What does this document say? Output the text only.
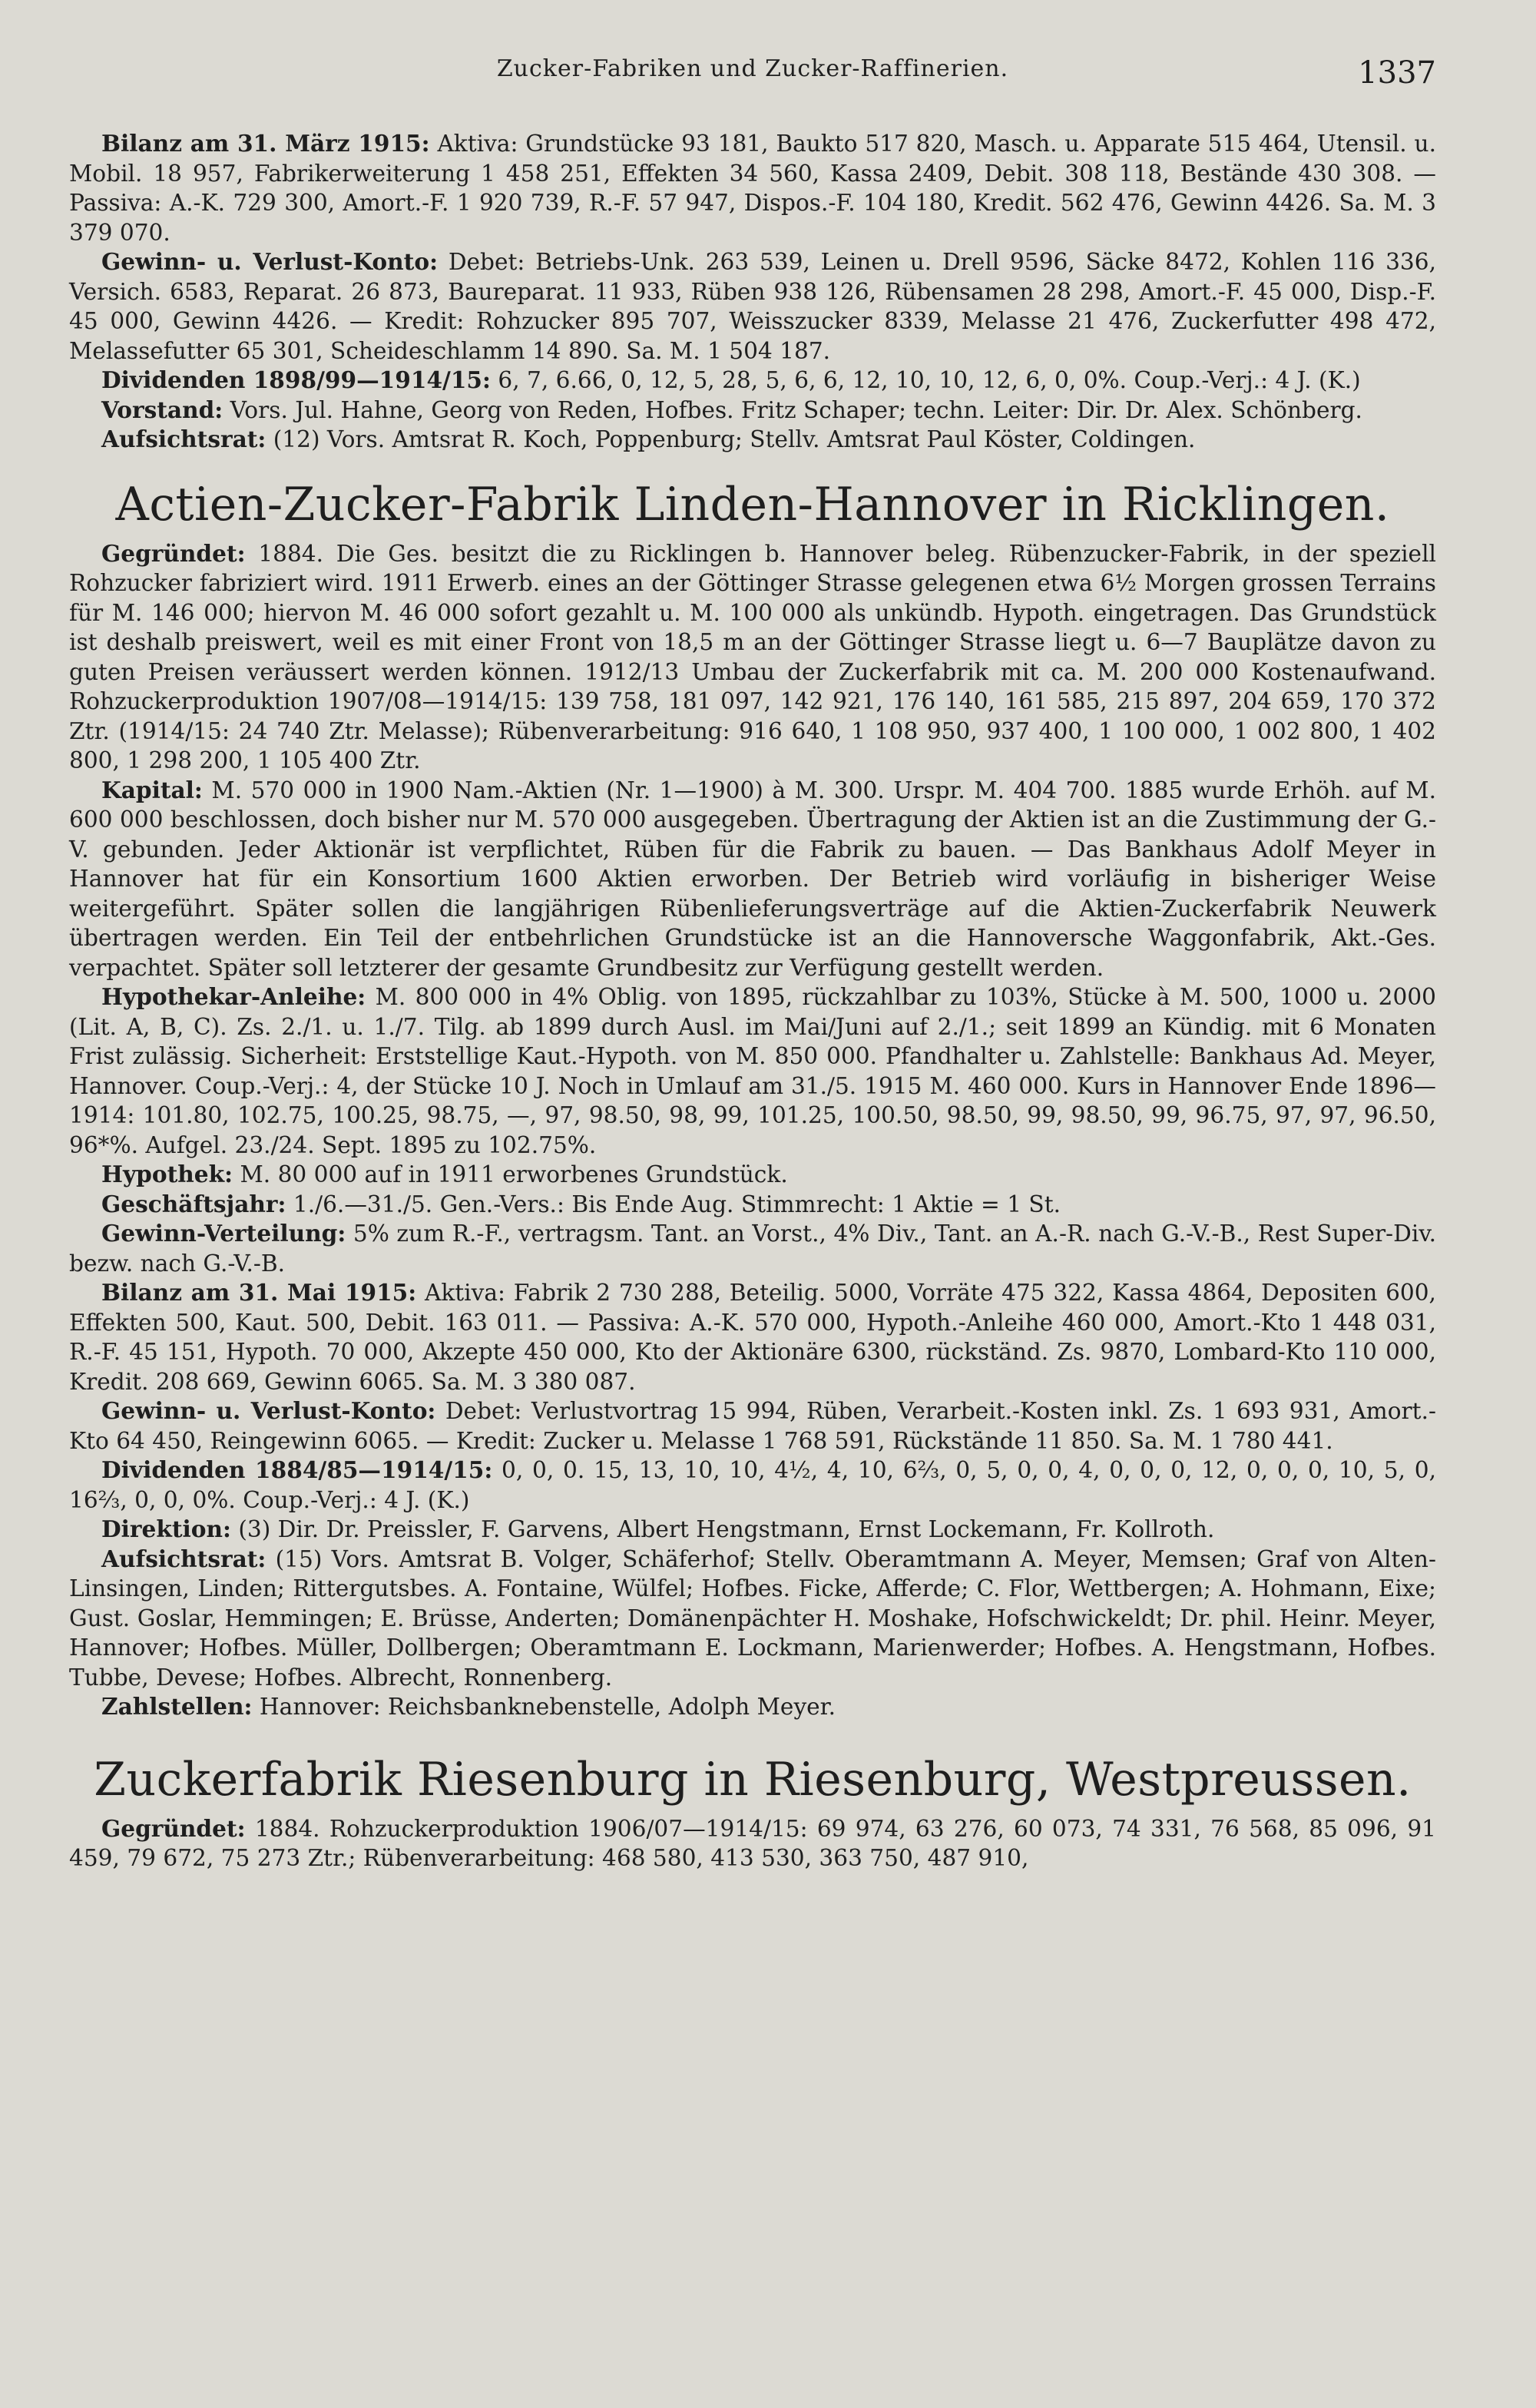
Zucker-Fabriken und Zucker-Raffinerien.	1337

Bilanz am 31. März 1915: Aktiva: Grundstücke 93 181, Baukto 517 820, Masch. u. Apparate 515 464, Utensil. u. Mobil. 18 957, Fabrikerweiterung 1 458 251, Effekten 34 560, Kassa 2409, Debit. 308 118, Bestände 430 308. — Passiva: A.-K. 729 300, Amort.-F. 1 920 739, R.-F. 57 947, Dispos.-F. 104 180, Kredit. 562 476, Gewinn 4426. Sa. M. 3 379 070.

Gewinn- u. Verlust-Konto: Debet: Betriebs-Unk. 263 539, Leinen u. Drell 9596, Säcke 8472, Kohlen 116 336, Versich. 6583, Reparat. 26 873, Baureparat. 11 933, Rüben 938 126, Rübensamen 28 298, Amort.-F. 45 000, Disp.-F. 45 000, Gewinn 4426. — Kredit: Rohzucker 895 707, Weisszucker 8339, Melasse 21 476, Zuckerfutter 498 472, Melassefutter 65 301, Scheideschlamm 14 890. Sa. M. 1 504 187.

Dividenden 1898/99—1914/15: 6, 7, 6.66, 0, 12, 5, 28, 5, 6, 6, 12, 10, 10, 12, 6, 0, 0%. Coup.-Verj.: 4 J. (K.)

Vorstand: Vors. Jul. Hahne, Georg von Reden, Hofbes. Fritz Schaper; techn. Leiter: Dir. Dr. Alex. Schönberg.

Aufsichtsrat: (12) Vors. Amtsrat R. Koch, Poppenburg; Stellv. Amtsrat Paul Köster, Coldingen.

Actien-Zucker-Fabrik Linden-Hannover in Ricklingen.

Gegründet: 1884. Die Ges. besitzt die zu Ricklingen b. Hannover beleg. Rübenzucker-Fabrik, in der speziell Rohzucker fabriziert wird. 1911 Erwerb. eines an der Göttinger Strasse gelegenen etwa 6½ Morgen grossen Terrains für M. 146 000; hiervon M. 46 000 sofort gezahlt u. M. 100 000 als unkündb. Hypoth. eingetragen. Das Grundstück ist deshalb preiswert, weil es mit einer Front von 18,5 m an der Göttinger Strasse liegt u. 6—7 Bauplätze davon zu guten Preisen veräussert werden können. 1912/13 Umbau der Zuckerfabrik mit ca. M. 200 000 Kostenaufwand. Rohzuckerproduktion 1907/08—1914/15: 139 758, 181 097, 142 921, 176 140, 161 585, 215 897, 204 659, 170 372 Ztr. (1914/15: 24 740 Ztr. Melasse); Rübenverarbeitung: 916 640, 1 108 950, 937 400, 1 100 000, 1 002 800, 1 402 800, 1 298 200, 1 105 400 Ztr.

Kapital: M. 570 000 in 1900 Nam.-Aktien (Nr. 1—1900) à M. 300. Urspr. M. 404 700. 1885 wurde Erhöh. auf M. 600 000 beschlossen, doch bisher nur M. 570 000 ausgegeben. Übertragung der Aktien ist an die Zustimmung der G.-V. gebunden. Jeder Aktionär ist verpflichtet, Rüben für die Fabrik zu bauen. — Das Bankhaus Adolf Meyer in Hannover hat für ein Konsortium 1600 Aktien erworben. Der Betrieb wird vorläufig in bisheriger Weise weitergeführt. Später sollen die langjährigen Rübenlieferungsverträge auf die Aktien-Zuckerfabrik Neuwerk übertragen werden. Ein Teil der entbehrlichen Grundstücke ist an die Hannoversche Waggonfabrik, Akt.-Ges. verpachtet. Später soll letzterer der gesamte Grundbesitz zur Verfügung gestellt werden.

Hypothekar-Anleihe: M. 800 000 in 4% Oblig. von 1895, rückzahlbar zu 103%, Stücke à M. 500, 1000 u. 2000 (Lit. A, B, C). Zs. 2./1. u. 1./7. Tilg. ab 1899 durch Ausl. im Mai/Juni auf 2./1.; seit 1899 an Kündig. mit 6 Monaten Frist zulässig. Sicherheit: Erststellige Kaut.-Hypoth. von M. 850 000. Pfandhalter u. Zahlstelle: Bankhaus Ad. Meyer, Hannover. Coup.-Verj.: 4, der Stücke 10 J. Noch in Umlauf am 31./5. 1915 M. 460 000. Kurs in Hannover Ende 1896—1914: 101.80, 102.75, 100.25, 98.75, —, 97, 98.50, 98, 99, 101.25, 100.50, 98.50, 99, 98.50, 99, 96.75, 97, 97, 96.50, 96*%. Aufgel. 23./24. Sept. 1895 zu 102.75%.

Hypothek: M. 80 000 auf in 1911 erworbenes Grundstück.

Geschäftsjahr: 1./6.—31./5. Gen.-Vers.: Bis Ende Aug. Stimmrecht: 1 Aktie = 1 St.

Gewinn-Verteilung: 5% zum R.-F., vertragsm. Tant. an Vorst., 4% Div., Tant. an A.-R. nach G.-V.-B., Rest Super-Div. bezw. nach G.-V.-B.

Bilanz am 31. Mai 1915: Aktiva: Fabrik 2 730 288, Beteilig. 5000, Vorräte 475 322, Kassa 4864, Depositen 600, Effekten 500, Kaut. 500, Debit. 163 011. — Passiva: A.-K. 570 000, Hypoth.-Anleihe 460 000, Amort.-Kto 1 448 031, R.-F. 45 151, Hypoth. 70 000, Akzepte 450 000, Kto der Aktionäre 6300, rückständ. Zs. 9870, Lombard-Kto 110 000, Kredit. 208 669, Gewinn 6065. Sa. M. 3 380 087.

Gewinn- u. Verlust-Konto: Debet: Verlustvortrag 15 994, Rüben, Verarbeit.-Kosten inkl. Zs. 1 693 931, Amort.-Kto 64 450, Reingewinn 6065. — Kredit: Zucker u. Melasse 1 768 591, Rückstände 11 850. Sa. M. 1 780 441.

Dividenden 1884/85—1914/15: 0, 0, 0. 15, 13, 10, 10, 4½, 4, 10, 6⅔, 0, 5, 0, 0, 4, 0, 0, 0, 12, 0, 0, 0, 10, 5, 0, 16⅔, 0, 0, 0%. Coup.-Verj.: 4 J. (K.)

Direktion: (3) Dir. Dr. Preissler, F. Garvens, Albert Hengstmann, Ernst Lockemann, Fr. Kollroth.

Aufsichtsrat: (15) Vors. Amtsrat B. Volger, Schäferhof; Stellv. Oberamtmann A. Meyer, Memsen; Graf von Alten-Linsingen, Linden; Rittergutsbes. A. Fontaine, Wülfel; Hofbes. Ficke, Afferde; C. Flor, Wettbergen; A. Hohmann, Eixe; Gust. Goslar, Hemmingen; E. Brüsse, Anderten; Domänenpächter H. Moshake, Hofschwickeldt; Dr. phil. Heinr. Meyer, Hannover; Hofbes. Müller, Dollbergen; Oberamtmann E. Lockmann, Marienwerder; Hofbes. A. Hengstmann, Hofbes. Tubbe, Devese; Hofbes. Albrecht, Ronnenberg.

Zahlstellen: Hannover: Reichsbanknebenstelle, Adolph Meyer.

Zuckerfabrik Riesenburg in Riesenburg, Westpreussen.

Gegründet: 1884. Rohzuckerproduktion 1906/07—1914/15: 69 974, 63 276, 60 073, 74 331, 76 568, 85 096, 91 459, 79 672, 75 273 Ztr.; Rübenverarbeitung: 468 580, 413 530, 363 750, 487 910,
